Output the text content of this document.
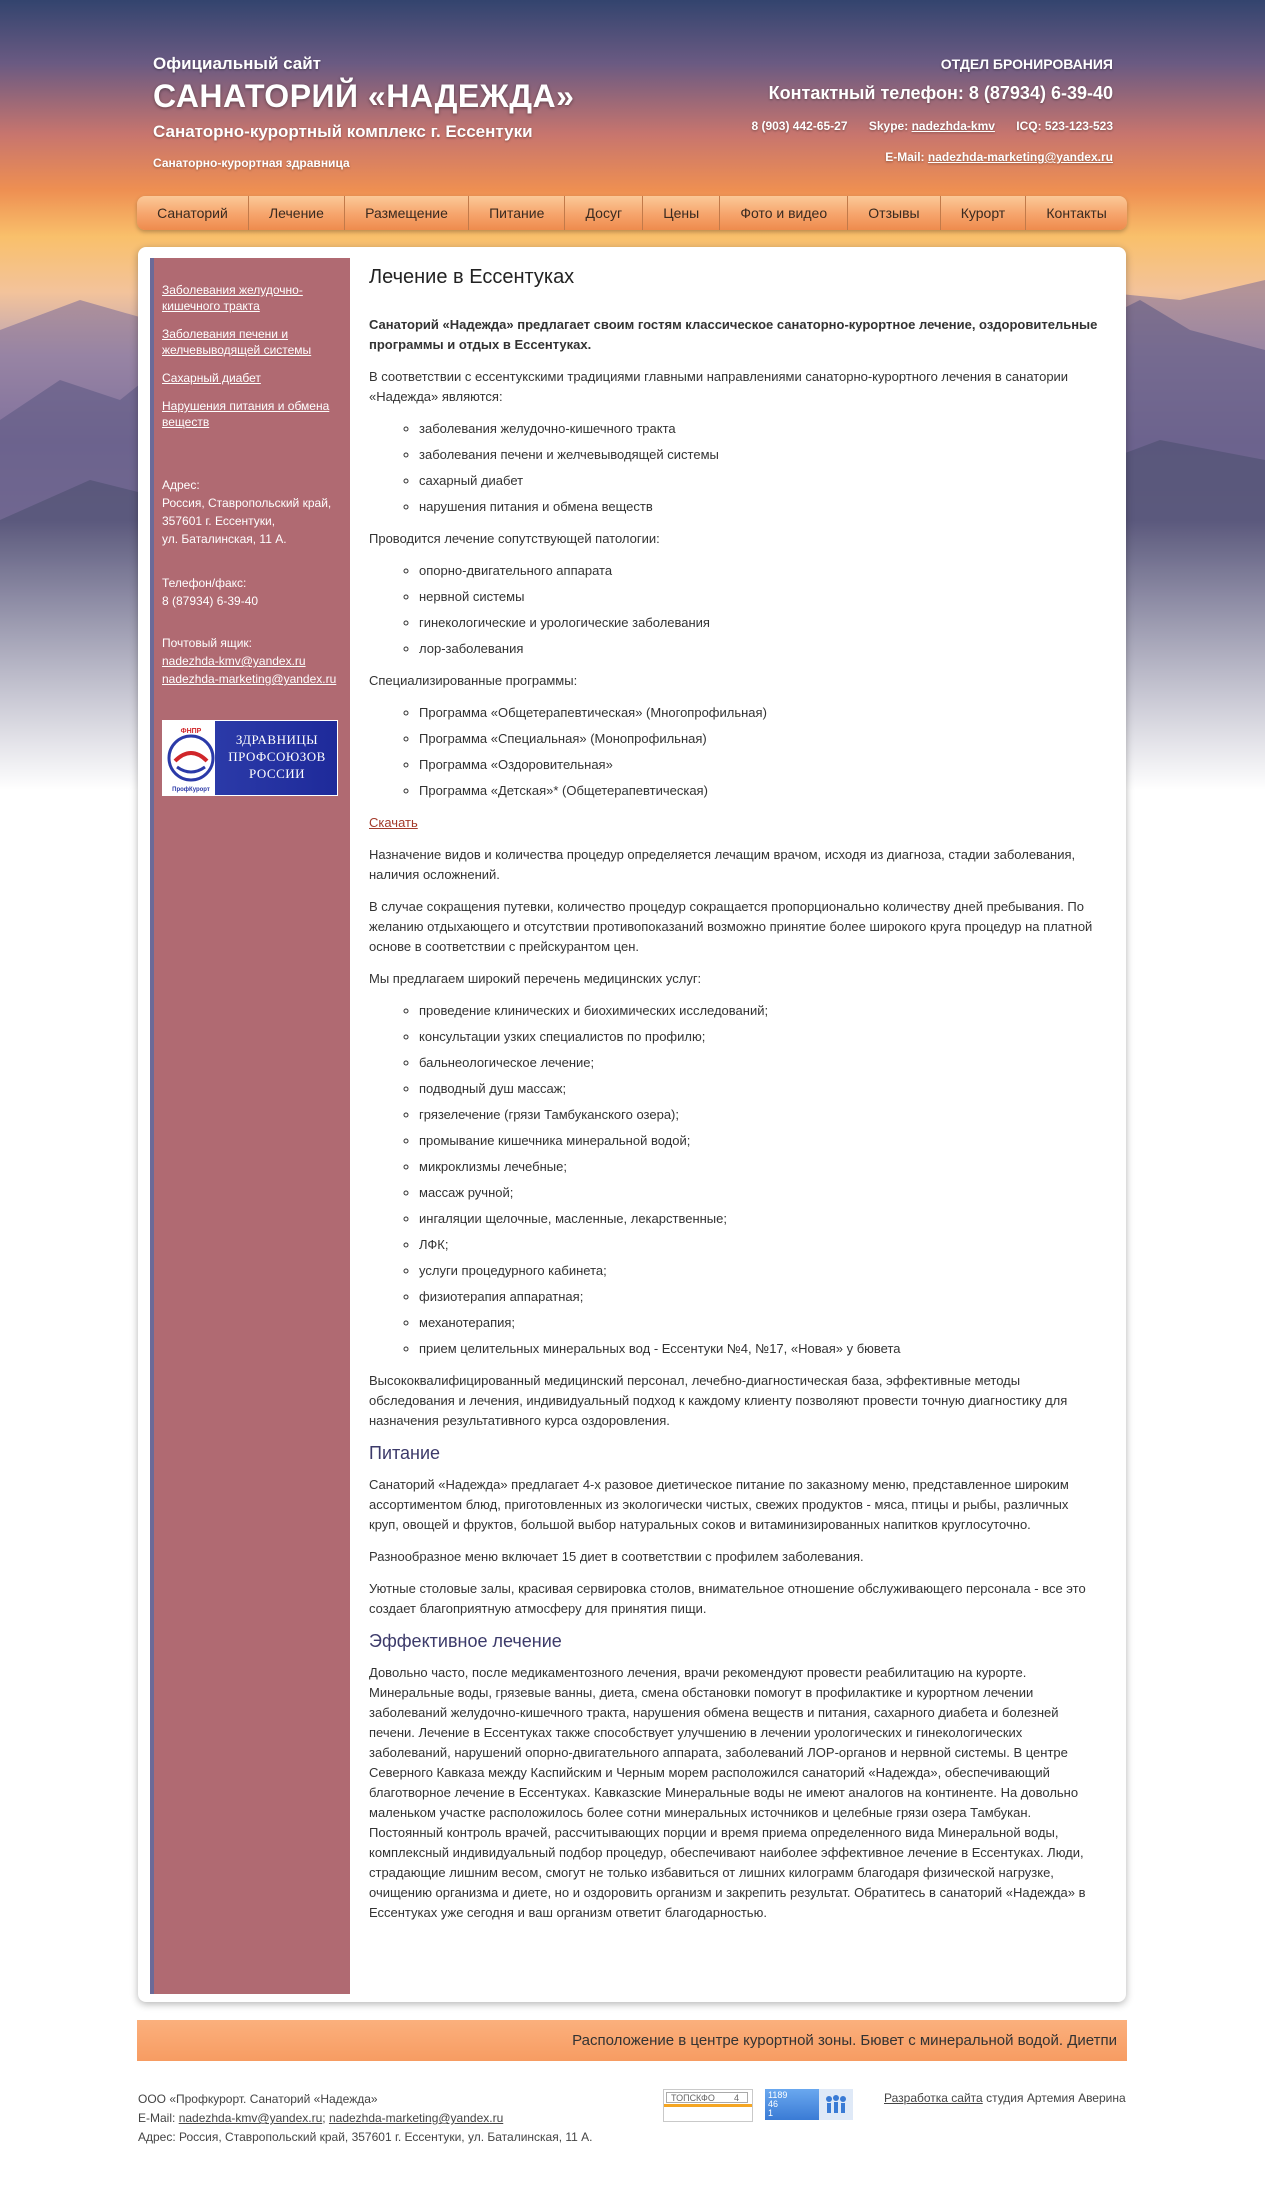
Официальный сайт
САНАТОРИЙ «НАДЕЖДА»
Санаторно-курортный комплекс г. Ессентуки
Санаторно-курортная здравница
ОТДЕЛ БРОНИРОВАНИЯ
Контактный телефон: 8 (87934) 6-39-40
8 (903) 442-65-27 Skype: nadezhda-kmv ICQ: 523-123-523
E-Mail: nadezhda-marketing@yandex.ru
Санаторий	Лечение	Размещение	Питание	Досуг	Цены	Фото и видео	Отзывы	Курорт	Контакты
Заболевания желудочно-кишечного тракта
Заболевания печени и желчевыводящей системы
Сахарный диабет
Нарушения питания и обмена веществ
Адрес:
Россия, Ставропольский край,
357601 г. Ессентуки,
ул. Баталинская, 11 А.
Телефон/факс:
8 (87934) 6-39-40
Почтовый ящик:
nadezhda-kmv@yandex.ru
nadezhda-marketing@yandex.ru
ФНПР
ПрофКурорт
ЗДРАВНИЦЫ
ПРОФСОЮЗОВ
РОССИИ
Лечение в Ессентуках

Санаторий «Надежда» предлагает своим гостям классическое санаторно-курортное лечение, оздоровительные программы и отдых в Ессентуках.

В соответствии с ессентукскими традициями главными направлениями санаторно-курортного лечения в санатории «Надежда» являются:

◦ заболевания желудочно-кишечного тракта
◦ заболевания печени и желчевыводящей системы
◦ сахарный диабет
◦ нарушения питания и обмена веществ

Проводится лечение сопутствующей патологии:

◦ опорно-двигательного аппарата
◦ нервной системы
◦ гинекологические и урологические заболевания
◦ лор-заболевания

Специализированные программы:

◦ Программа «Общетерапевтическая» (Многопрофильная)
◦ Программа «Специальная» (Монопрофильная)
◦ Программа «Оздоровительная»
◦ Программа «Детская»* (Общетерапевтическая)

Скачать

Назначение видов и количества процедур определяется лечащим врачом, исходя из диагноза, стадии заболевания, наличия осложнений.

В случае сокращения путевки, количество процедур сокращается пропорционально количеству дней пребывания. По желанию отдыхающего и отсутствии противопоказаний возможно принятие более широкого круга процедур на платной основе в соответствии с прейскурантом цен.

Мы предлагаем широкий перечень медицинских услуг:

◦ проведение клинических и биохимических исследований;
◦ консультации узких специалистов по профилю;
◦ бальнеологическое лечение;
◦ подводный душ массаж;
◦ грязелечение (грязи Тамбуканского озера);
◦ промывание кишечника минеральной водой;
◦ микроклизмы лечебные;
◦ массаж ручной;
◦ ингаляции щелочные, масленные, лекарственные;
◦ ЛФК;
◦ услуги процедурного кабинета;
◦ физиотерапия аппаратная;
◦ механотерапия;
◦ прием целительных минеральных вод - Ессентуки №4, №17, «Новая» у бювета

Высококвалифицированный медицинский персонал, лечебно-диагностическая база, эффективные методы обследования и лечения, индивидуальный подход к каждому клиенту позволяют провести точную диагностику для назначения результативного курса оздоровления.

Питание

Санаторий «Надежда» предлагает 4-х разовое диетическое питание по заказному меню, представленное широким ассортиментом блюд, приготовленных из экологически чистых, свежих продуктов - мяса, птицы и рыбы, различных круп, овощей и фруктов, большой выбор натуральных соков и витаминизированных напитков круглосуточно.

Разнообразное меню включает 15 диет в соответствии с профилем заболевания.

Уютные столовые залы, красивая сервировка столов, внимательное отношение обслуживающего персонала - все это создает благоприятную атмосферу для принятия пищи.

Эффективное лечение

Довольно часто, после медикаментозного лечения, врачи рекомендуют провести реабилитацию на курорте. Минеральные воды, грязевые ванны, диета, смена обстановки помогут в профилактике и курортном лечении заболеваний желудочно-кишечного тракта, нарушения обмена веществ и питания, сахарного диабета и болезней печени. Лечение в Ессентуках также способствует улучшению в лечении урологических и гинекологических заболеваний, нарушений опорно-двигательного аппарата, заболеваний ЛОР-органов и нервной системы. В центре Северного Кавказа между Каспийским и Черным морем расположился санаторий «Надежда», обеспечивающий благотворное лечение в Ессентуках. Кавказские Минеральные воды не имеют аналогов на континенте. На довольно маленьком участке расположилось более сотни минеральных источников и целебные грязи озера Тамбукан. Постоянный контроль врачей, рассчитывающих порции и время приема определенного вида Минеральной воды, комплексный индивидуальный подбор процедур, обеспечивают наиболее эффективное лечение в Ессентуках. Люди, страдающие лишним весом, смогут не только избавиться от лишних килограмм благодаря физической нагрузке, очищению организма и диете, но и оздоровить организм и закрепить результат. Обратитесь в санаторий «Надежда» в Ессентуках уже сегодня и ваш организм ответит благодарностью.

Расположение в центре курортной зоны. Бювет с минеральной водой. Диетпи
ООО «Профкурорт. Санаторий «Надежда»
E-Mail: nadezhda-kmv@yandex.ru; nadezhda-marketing@yandex.ru
Адрес: Россия, Ставропольский край, 357601 г. Ессентуки, ул. Баталинская, 11 А.
ТОПСКФО 4	1189
46
1
Разработка сайта студия Артемия Аверина
